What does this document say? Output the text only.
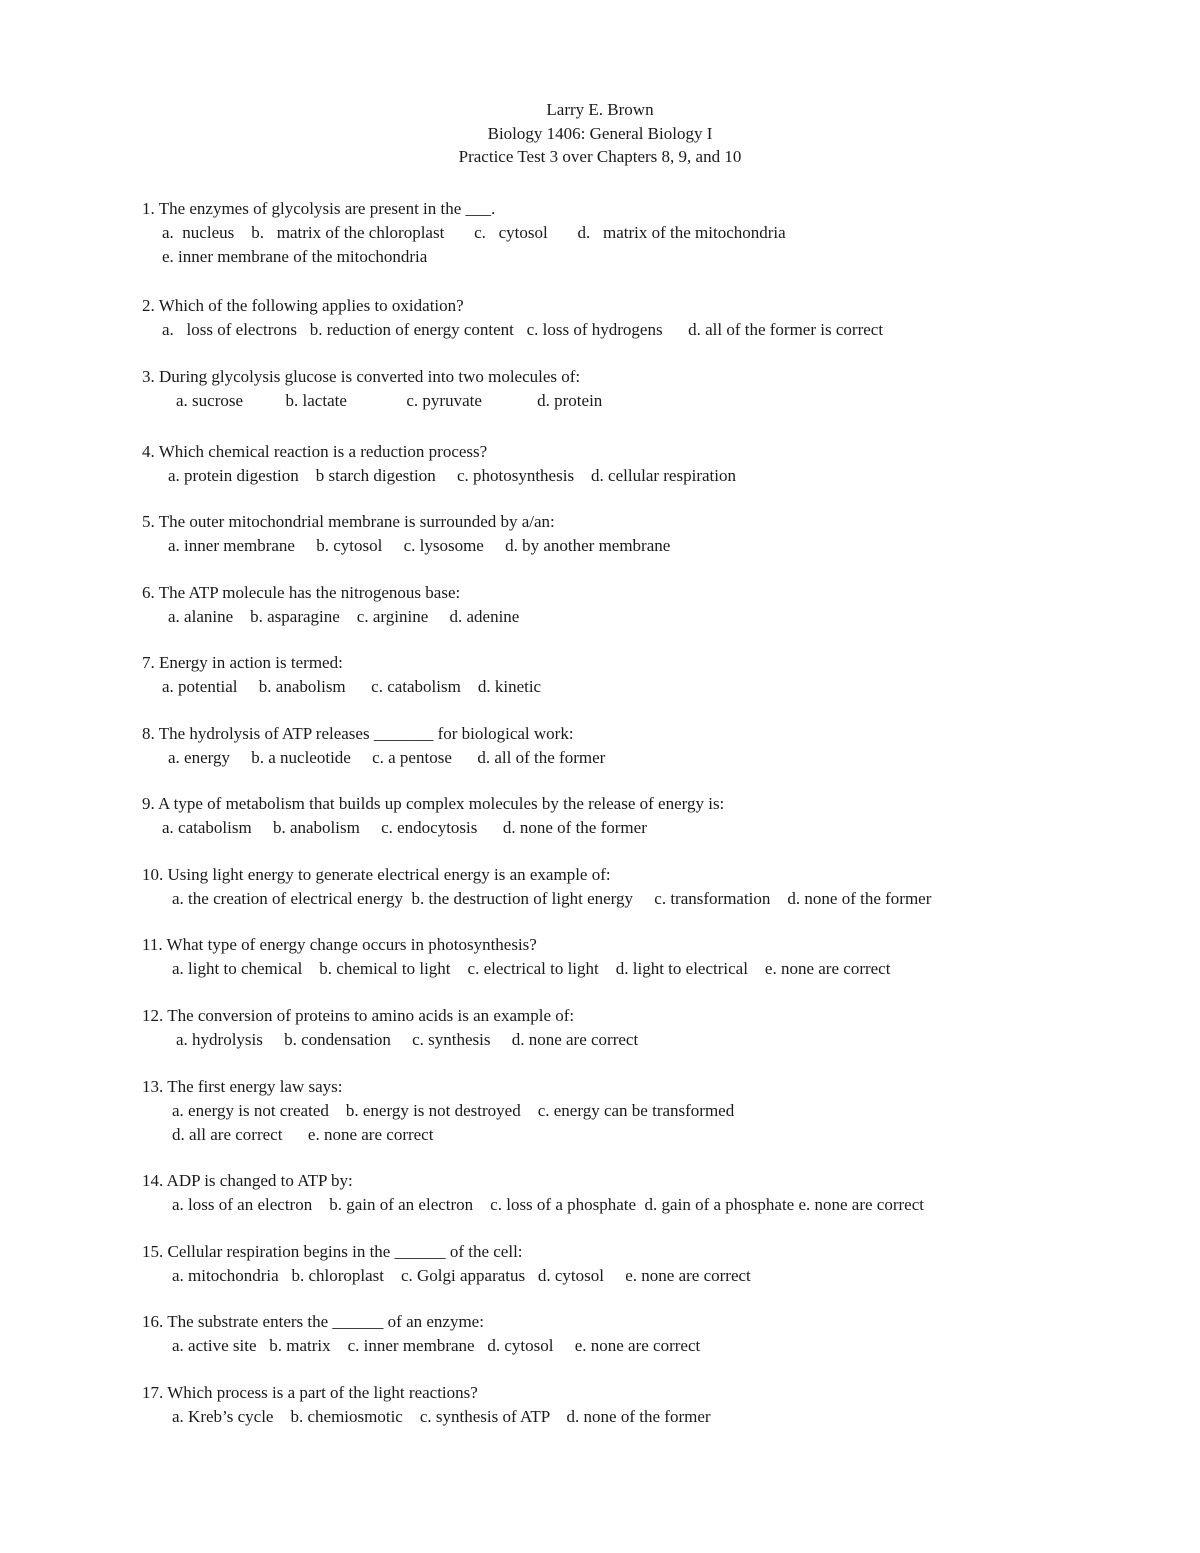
Larry E. Brown
Biology 1406: General Biology I
Practice Test 3 over Chapters 8, 9, and 10
1. The enzymes of glycolysis are present in the ___.
a.  nucleus    b.   matrix of the chloroplast       c.   cytosol       d.   matrix of the mitochondria
e. inner membrane of the mitochondria
2. Which of the following applies to oxidation?
a.   loss of electrons   b. reduction of energy content   c. loss of hydrogens      d. all of the former is correct
3. During glycolysis glucose is converted into two molecules of:
a. sucrose          b. lactate              c. pyruvate             d. protein
4. Which chemical reaction is a reduction process?
a. protein digestion    b starch digestion     c. photosynthesis    d. cellular respiration
5. The outer mitochondrial membrane is surrounded by a/an:
a. inner membrane     b. cytosol     c. lysosome     d. by another membrane
6. The ATP molecule has the nitrogenous base:
a. alanine    b. asparagine    c. arginine     d. adenine
7. Energy in action is termed:
a. potential     b. anabolism      c. catabolism    d. kinetic
8. The hydrolysis of ATP releases _______ for biological work:
a. energy     b. a nucleotide     c. a pentose      d. all of the former
9. A type of metabolism that builds up complex molecules by the release of energy is:
a. catabolism     b. anabolism     c. endocytosis      d. none of the former
10. Using light energy to generate electrical energy is an example of:
a. the creation of electrical energy  b. the destruction of light energy     c. transformation    d. none of the former
11. What type of energy change occurs in photosynthesis?
a. light to chemical    b. chemical to light    c. electrical to light    d. light to electrical    e. none are correct
12. The conversion of proteins to amino acids is an example of:
a. hydrolysis     b. condensation     c. synthesis     d. none are correct
13. The first energy law says:
a. energy is not created    b. energy is not destroyed    c. energy can be transformed
d. all are correct      e. none are correct
14. ADP is changed to ATP by:
a. loss of an electron    b. gain of an electron    c. loss of a phosphate  d. gain of a phosphate e. none are correct
15. Cellular respiration begins in the ______ of the cell:
a. mitochondria   b. chloroplast    c. Golgi apparatus   d. cytosol     e. none are correct
16. The substrate enters the ______ of an enzyme:
a. active site   b. matrix    c. inner membrane   d. cytosol     e. none are correct
17. Which process is a part of the light reactions?
a. Kreb’s cycle    b. chemiosmotic    c. synthesis of ATP    d. none of the former
